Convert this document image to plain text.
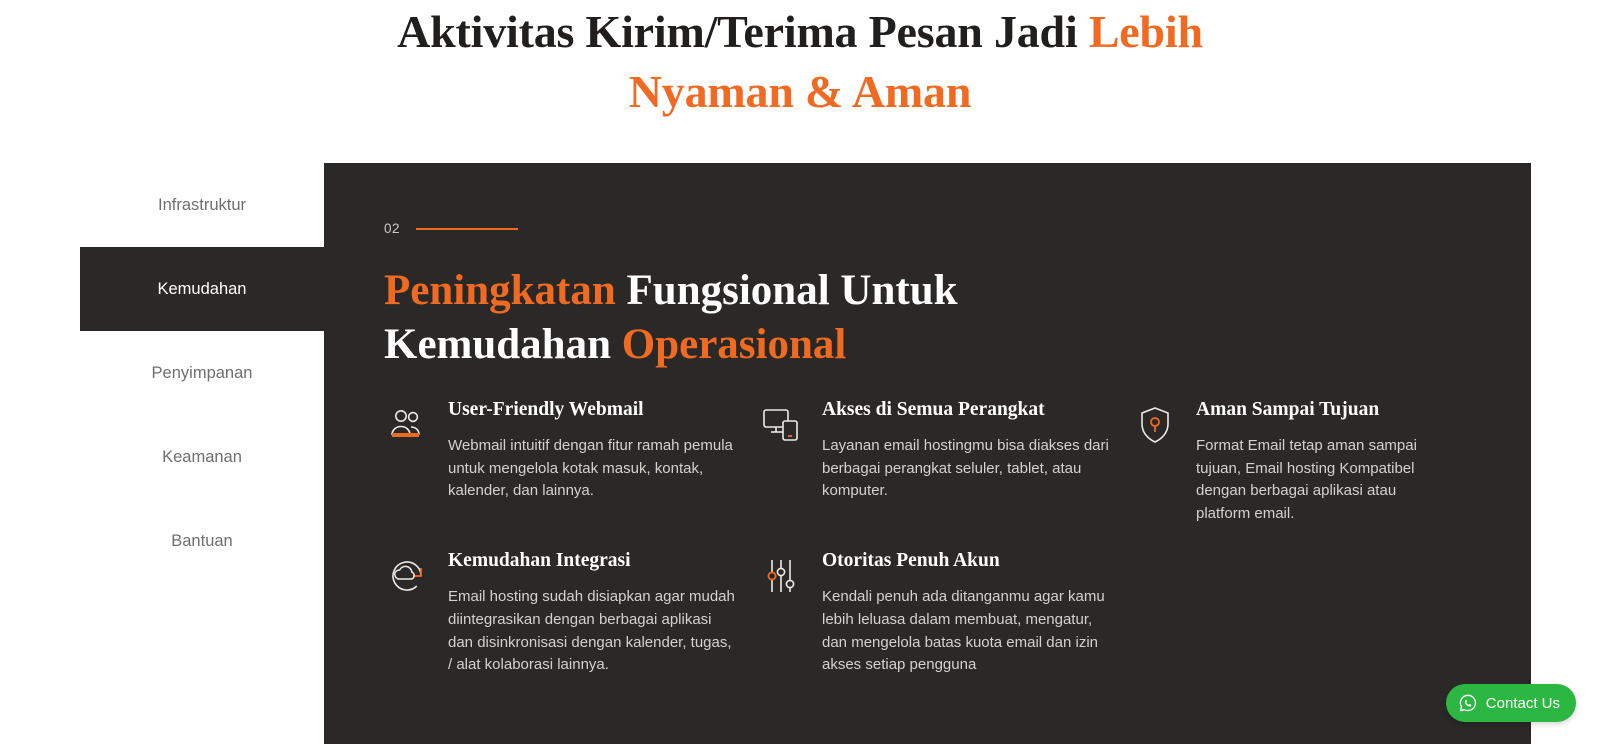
Aktivitas Kirim/Terima Pesan Jadi Lebih
Nyaman & Aman
Infrastruktur
Kemudahan
Penyimpanan
Keamanan
Bantuan
02
Peningkatan Fungsional Untuk
Kemudahan Operasional
User-Friendly Webmail

Webmail intuitif dengan fitur ramah pemula untuk mengelola kotak masuk, kontak, kalender, dan lainnya.

Akses di Semua Perangkat

Layanan email hostingmu bisa diakses dari berbagai perangkat seluler, tablet, atau komputer.

Aman Sampai Tujuan

Format Email tetap aman sampai tujuan, Email hosting Kompatibel dengan berbagai aplikasi atau platform email.

Kemudahan Integrasi

Email hosting sudah disiapkan agar mudah diintegrasikan dengan berbagai aplikasi dan disinkronisasi dengan kalender, tugas, / alat kolaborasi lainnya.

Otoritas Penuh Akun

Kendali penuh ada ditanganmu agar kamu lebih leluasa dalam membuat, mengatur, dan mengelola batas kuota email dan izin akses setiap pengguna

Contact Us
